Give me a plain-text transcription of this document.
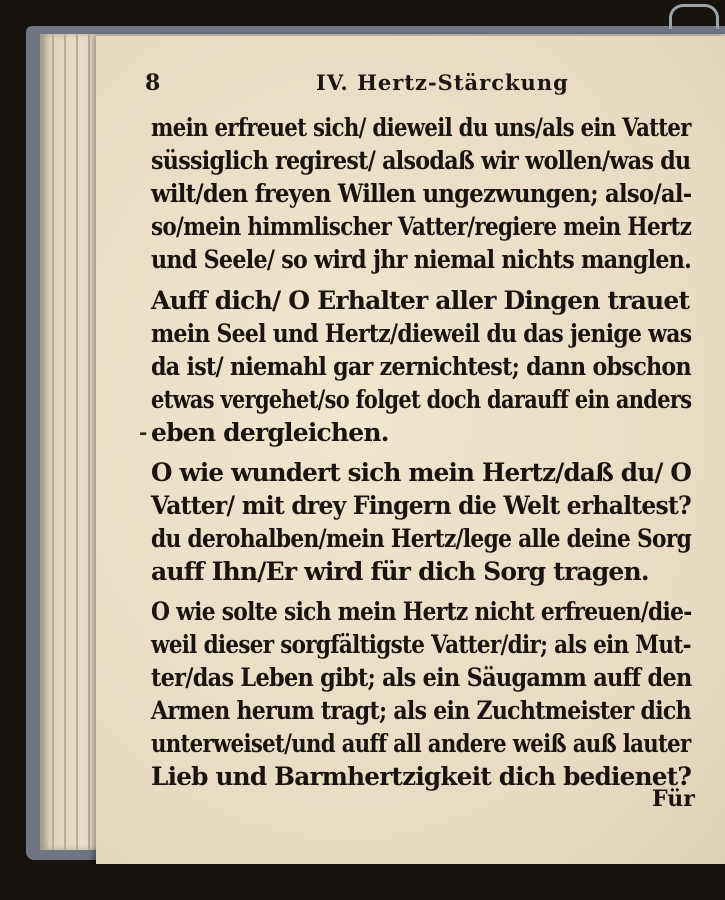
8	IV. Hertz-Stärckung
mein erfreuet sich/ dieweil du uns/als ein Vatter
süssiglich regirest/ alsodaß wir wollen/was du
wilt/den freyen Willen ungezwungen; also/al-
so/mein himmlischer Vatter/regiere mein Hertz
und Seele/ so wird jhr niemal nichts manglen.
Auff dich/ O Erhalter aller Dingen trauet
mein Seel und Hertz/dieweil du das jenige was
da ist/ niemahl gar zernichtest; dann obschon
etwas vergehet/so folget doch darauff ein anders
eben dergleichen.
O wie wundert sich mein Hertz/daß du/ O
Vatter/ mit drey Fingern die Welt erhaltest?
du derohalben/mein Hertz/lege alle deine Sorg
auff Ihn/Er wird für dich Sorg tragen.
O wie solte sich mein Hertz nicht erfreuen/die-
weil dieser sorgfältigste Vatter/dir; als ein Mut-
ter/das Leben gibt; als ein Säugamm auff den
Armen herum tragt; als ein Zuchtmeister dich
unterweiset/und auff all andere weiß auß lauter
Lieb und Barmhertzigkeit dich bedienet?
-
Für
